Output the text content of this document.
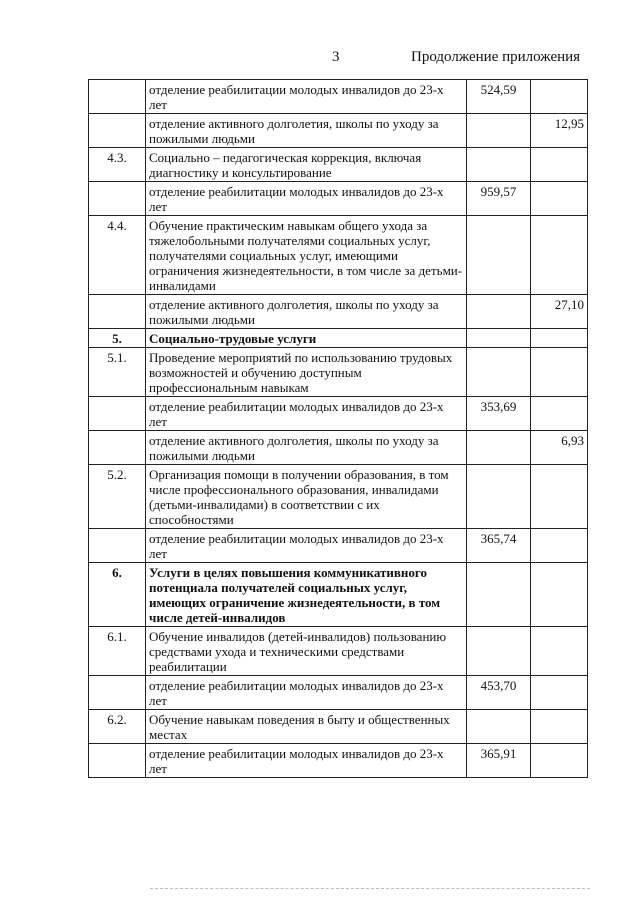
3	Продолжение приложения
	отделение реабилитации молодых инвалидов до 23-х лет	524,59	
	отделение активного долголетия, школы по уходу за пожилыми людьми		12,95
4.3.	Социально – педагогическая коррекция, включая диагностику и консультирование		
	отделение реабилитации молодых инвалидов до 23-х лет	959,57	
4.4.	Обучение практическим навыкам общего ухода за тяжелобольными получателями социальных услуг, получателями социальных услуг, имеющими ограничения жизнедеятельности, в том числе за детьми-инвалидами		
	отделение активного долголетия, школы по уходу за пожилыми людьми		27,10
5.	Социально-трудовые услуги		
5.1.	Проведение мероприятий по использованию трудовых возможностей и обучению доступным профессиональным навыкам		
	отделение реабилитации молодых инвалидов до 23-х лет	353,69	
	отделение активного долголетия, школы по уходу за пожилыми людьми		6,93
5.2.	Организация помощи в получении образования, в том числе профессионального образования, инвалидами (детьми-инвалидами) в соответствии с их способностями		
	отделение реабилитации молодых инвалидов до 23-х лет	365,74	
6.	Услуги в целях повышения коммуникативного потенциала получателей социальных услуг, имеющих ограничение жизнедеятельности, в том числе детей-инвалидов		
6.1.	Обучение инвалидов (детей-инвалидов) пользованию средствами ухода и техническими средствами реабилитации		
	отделение реабилитации молодых инвалидов до 23-х лет	453,70	
6.2.	Обучение навыкам поведения в быту и общественных местах		
	отделение реабилитации молодых инвалидов до 23-х лет	365,91	
